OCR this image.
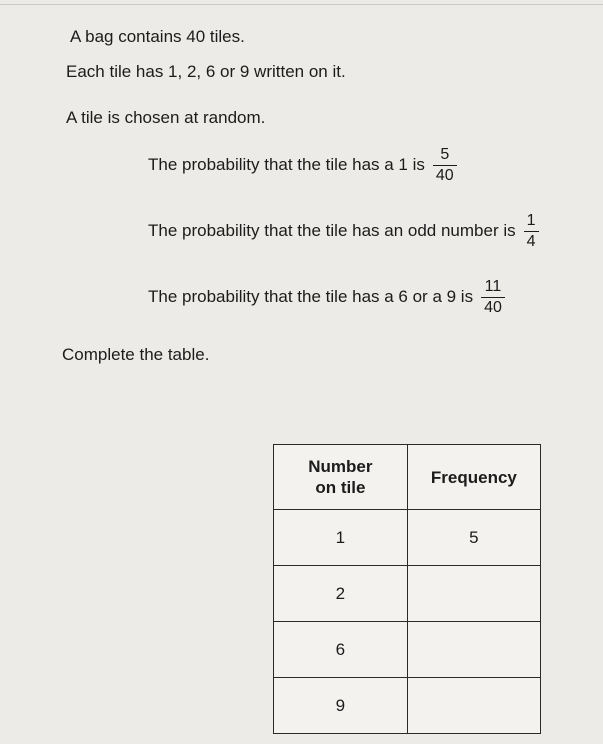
A bag contains 40 tiles.
Each tile has 1, 2, 6 or 9 written on it.
A tile is chosen at random.
The probability that the tile has a 1 is $\frac{5}{40}$
The probability that the tile has an odd number is $\frac{1}{4}$
The probability that the tile has a 6 or a 9 is $\frac{11}{40}$
Complete the table.
Number
on tile	Frequency
1	5
2	
6	
9	
